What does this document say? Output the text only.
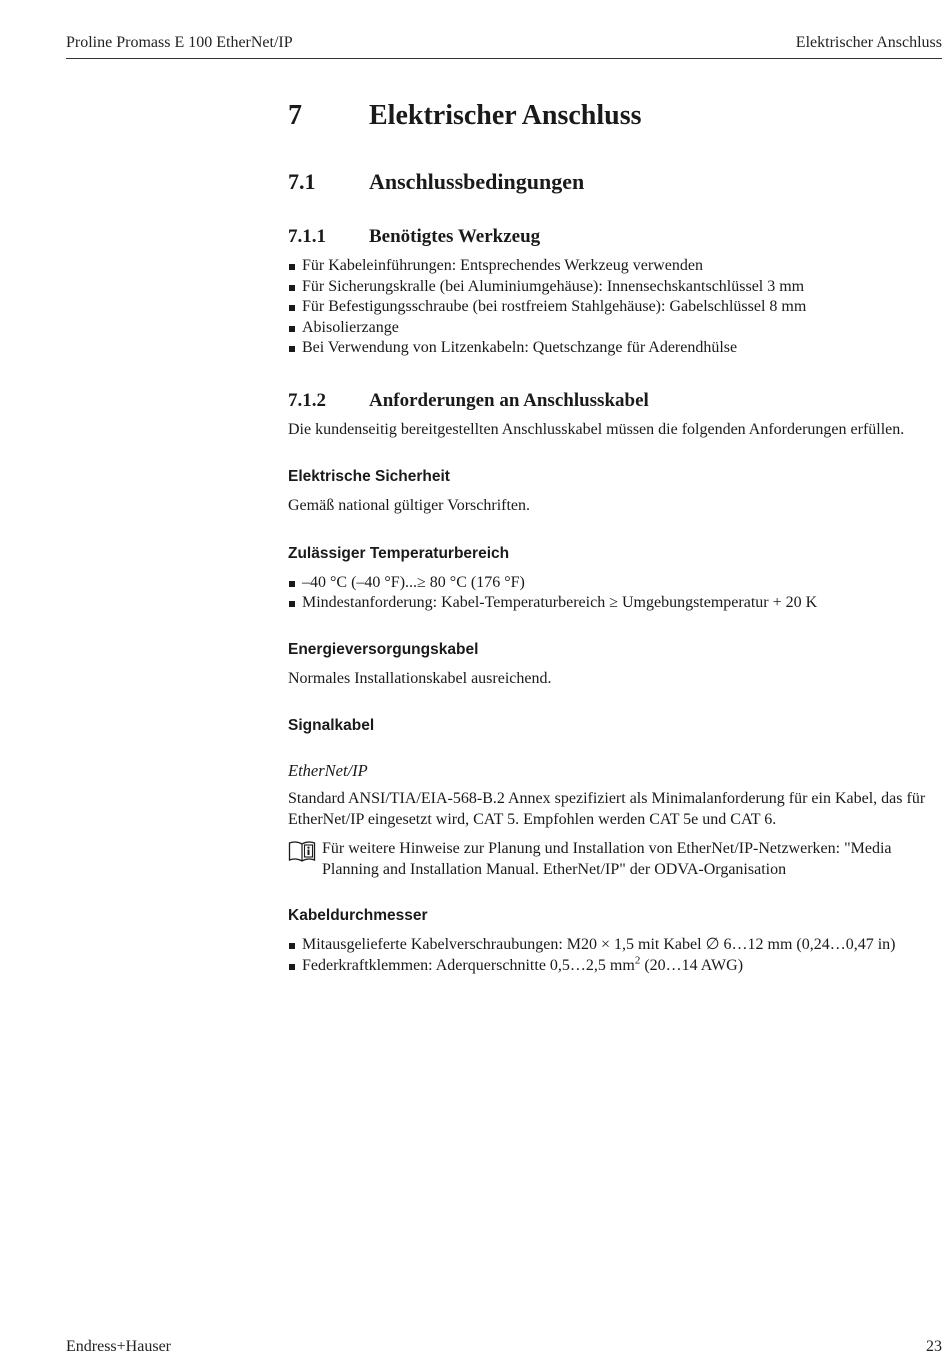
Proline Promass E 100 EtherNet/IP	Elektrischer Anschluss
7 Elektrischer Anschluss
7.1 Anschlussbedingungen
7.1.1 Benötigtes Werkzeug
Für Kabeleinführungen: Entsprechendes Werkzeug verwenden
Für Sicherungskralle (bei Aluminiumgehäuse): Innensechskantschlüssel 3 mm
Für Befestigungsschraube (bei rostfreiem Stahlgehäuse): Gabelschlüssel 8 mm
Abisolierzange
Bei Verwendung von Litzenkabeln: Quetschzange für Aderendhülse
7.1.2 Anforderungen an Anschlusskabel

Die kundenseitig bereitgestellten Anschlusskabel müssen die folgenden Anforderungen erfüllen.

Elektrische Sicherheit

Gemäß national gültiger Vorschriften.

Zulässiger Temperaturbereich
–40 °C (–40 °F)...≥ 80 °C (176 °F)
Mindestanforderung: Kabel-Temperaturbereich ≥ Umgebungstemperatur + 20 K
Energieversorgungskabel

Normales Installationskabel ausreichend.

Signalkabel

EtherNet/IP

Standard ANSI/TIA/EIA-568-B.2 Annex spezifiziert als Minimalanforderung für ein Kabel, das für EtherNet/IP eingesetzt wird, CAT 5. Empfohlen werden CAT 5e und CAT 6.

Für weitere Hinweise zur Planung und Installation von EtherNet/IP-Netzwerken: "Media Planning and Installation Manual. EtherNet/IP" der ODVA-Organisation

Kabeldurchmesser
Mitausgelieferte Kabelverschraubungen: M20 × 1,5 mit Kabel ∅ 6…12 mm (0,24…0,47 in)
Federkraftklemmen: Aderquerschnitte 0,5…2,5 $mm^2$ (20…14 AWG)
Endress+Hauser	23
